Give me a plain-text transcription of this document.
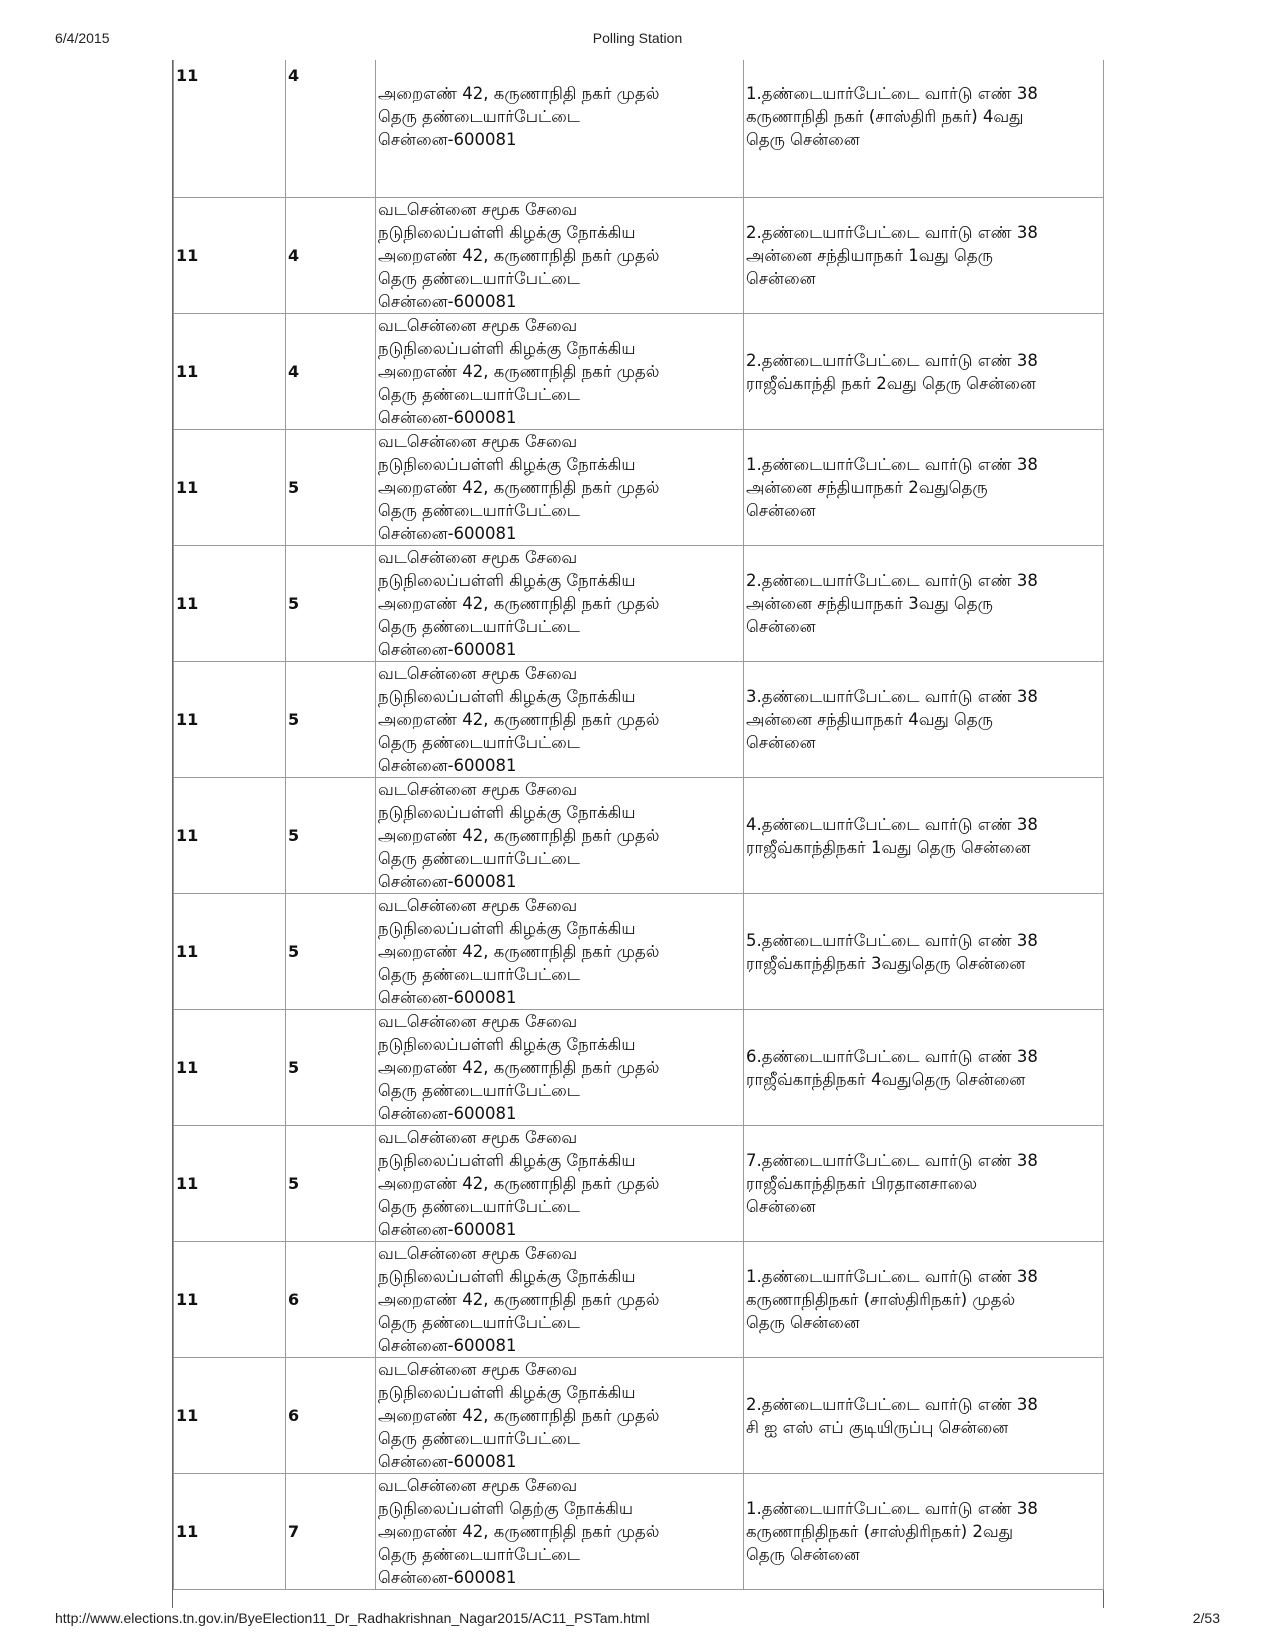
6/4/2015	Polling Station
11	4	அறைஎண் 42, கருணாநிதி நகர் முதல்
தெரு தண்டையார்பேட்டை
சென்னை-600081	1.தண்டையார்பேட்டை வார்டு எண் 38
கருணாநிதி நகர் (சாஸ்திரி நகர்) 4வது
தெரு சென்னை

11	4	வடசென்னை சமூக சேவை
நடுநிலைப்பள்ளி கிழக்கு நோக்கிய
அறைஎண் 42, கருணாநிதி நகர் முதல்
தெரு தண்டையார்பேட்டை
சென்னை-600081	2.தண்டையார்பேட்டை வார்டு எண் 38
அன்னை சந்தியாநகர் 1வது தெரு
சென்னை

11	4	வடசென்னை சமூக சேவை
நடுநிலைப்பள்ளி கிழக்கு நோக்கிய
அறைஎண் 42, கருணாநிதி நகர் முதல்
தெரு தண்டையார்பேட்டை
சென்னை-600081	2.தண்டையார்பேட்டை வார்டு எண் 38
ராஜீவ்காந்தி நகர் 2வது தெரு சென்னை

11	5	வடசென்னை சமூக சேவை
நடுநிலைப்பள்ளி கிழக்கு நோக்கிய
அறைஎண் 42, கருணாநிதி நகர் முதல்
தெரு தண்டையார்பேட்டை
சென்னை-600081	1.தண்டையார்பேட்டை வார்டு எண் 38
அன்னை சந்தியாநகர் 2வதுதெரு
சென்னை

11	5	வடசென்னை சமூக சேவை
நடுநிலைப்பள்ளி கிழக்கு நோக்கிய
அறைஎண் 42, கருணாநிதி நகர் முதல்
தெரு தண்டையார்பேட்டை
சென்னை-600081	2.தண்டையார்பேட்டை வார்டு எண் 38
அன்னை சந்தியாநகர் 3வது தெரு
சென்னை

11	5	வடசென்னை சமூக சேவை
நடுநிலைப்பள்ளி கிழக்கு நோக்கிய
அறைஎண் 42, கருணாநிதி நகர் முதல்
தெரு தண்டையார்பேட்டை
சென்னை-600081	3.தண்டையார்பேட்டை வார்டு எண் 38
அன்னை சந்தியாநகர் 4வது தெரு
சென்னை

11	5	வடசென்னை சமூக சேவை
நடுநிலைப்பள்ளி கிழக்கு நோக்கிய
அறைஎண் 42, கருணாநிதி நகர் முதல்
தெரு தண்டையார்பேட்டை
சென்னை-600081	4.தண்டையார்பேட்டை வார்டு எண் 38
ராஜீவ்காந்திநகர் 1வது தெரு சென்னை

11	5	வடசென்னை சமூக சேவை
நடுநிலைப்பள்ளி கிழக்கு நோக்கிய
அறைஎண் 42, கருணாநிதி நகர் முதல்
தெரு தண்டையார்பேட்டை
சென்னை-600081	5.தண்டையார்பேட்டை வார்டு எண் 38
ராஜீவ்காந்திநகர் 3வதுதெரு சென்னை

11	5	வடசென்னை சமூக சேவை
நடுநிலைப்பள்ளி கிழக்கு நோக்கிய
அறைஎண் 42, கருணாநிதி நகர் முதல்
தெரு தண்டையார்பேட்டை
சென்னை-600081	6.தண்டையார்பேட்டை வார்டு எண் 38
ராஜீவ்காந்திநகர் 4வதுதெரு சென்னை

11	5	வடசென்னை சமூக சேவை
நடுநிலைப்பள்ளி கிழக்கு நோக்கிய
அறைஎண் 42, கருணாநிதி நகர் முதல்
தெரு தண்டையார்பேட்டை
சென்னை-600081	7.தண்டையார்பேட்டை வார்டு எண் 38
ராஜீவ்காந்திநகர் பிரதானசாலை
சென்னை

11	6	வடசென்னை சமூக சேவை
நடுநிலைப்பள்ளி கிழக்கு நோக்கிய
அறைஎண் 42, கருணாநிதி நகர் முதல்
தெரு தண்டையார்பேட்டை
சென்னை-600081	1.தண்டையார்பேட்டை வார்டு எண் 38
கருணாநிதிநகர் (சாஸ்திரிநகர்) முதல்
தெரு சென்னை

11	6	வடசென்னை சமூக சேவை
நடுநிலைப்பள்ளி கிழக்கு நோக்கிய
அறைஎண் 42, கருணாநிதி நகர் முதல்
தெரு தண்டையார்பேட்டை
சென்னை-600081	2.தண்டையார்பேட்டை வார்டு எண் 38
சி ஐ எஸ் எப் குடியிருப்பு சென்னை

11	7	வடசென்னை சமூக சேவை
நடுநிலைப்பள்ளி தெற்கு நோக்கிய
அறைஎண் 42, கருணாநிதி நகர் முதல்
தெரு தண்டையார்பேட்டை
சென்னை-600081	1.தண்டையார்பேட்டை வார்டு எண் 38
கருணாநிதிநகர் (சாஸ்திரிநகர்) 2வது
தெரு சென்னை
http://www.elections.tn.gov.in/ByeElection11_Dr_Radhakrishnan_Nagar2015/AC11_PSTam.html	2/53
